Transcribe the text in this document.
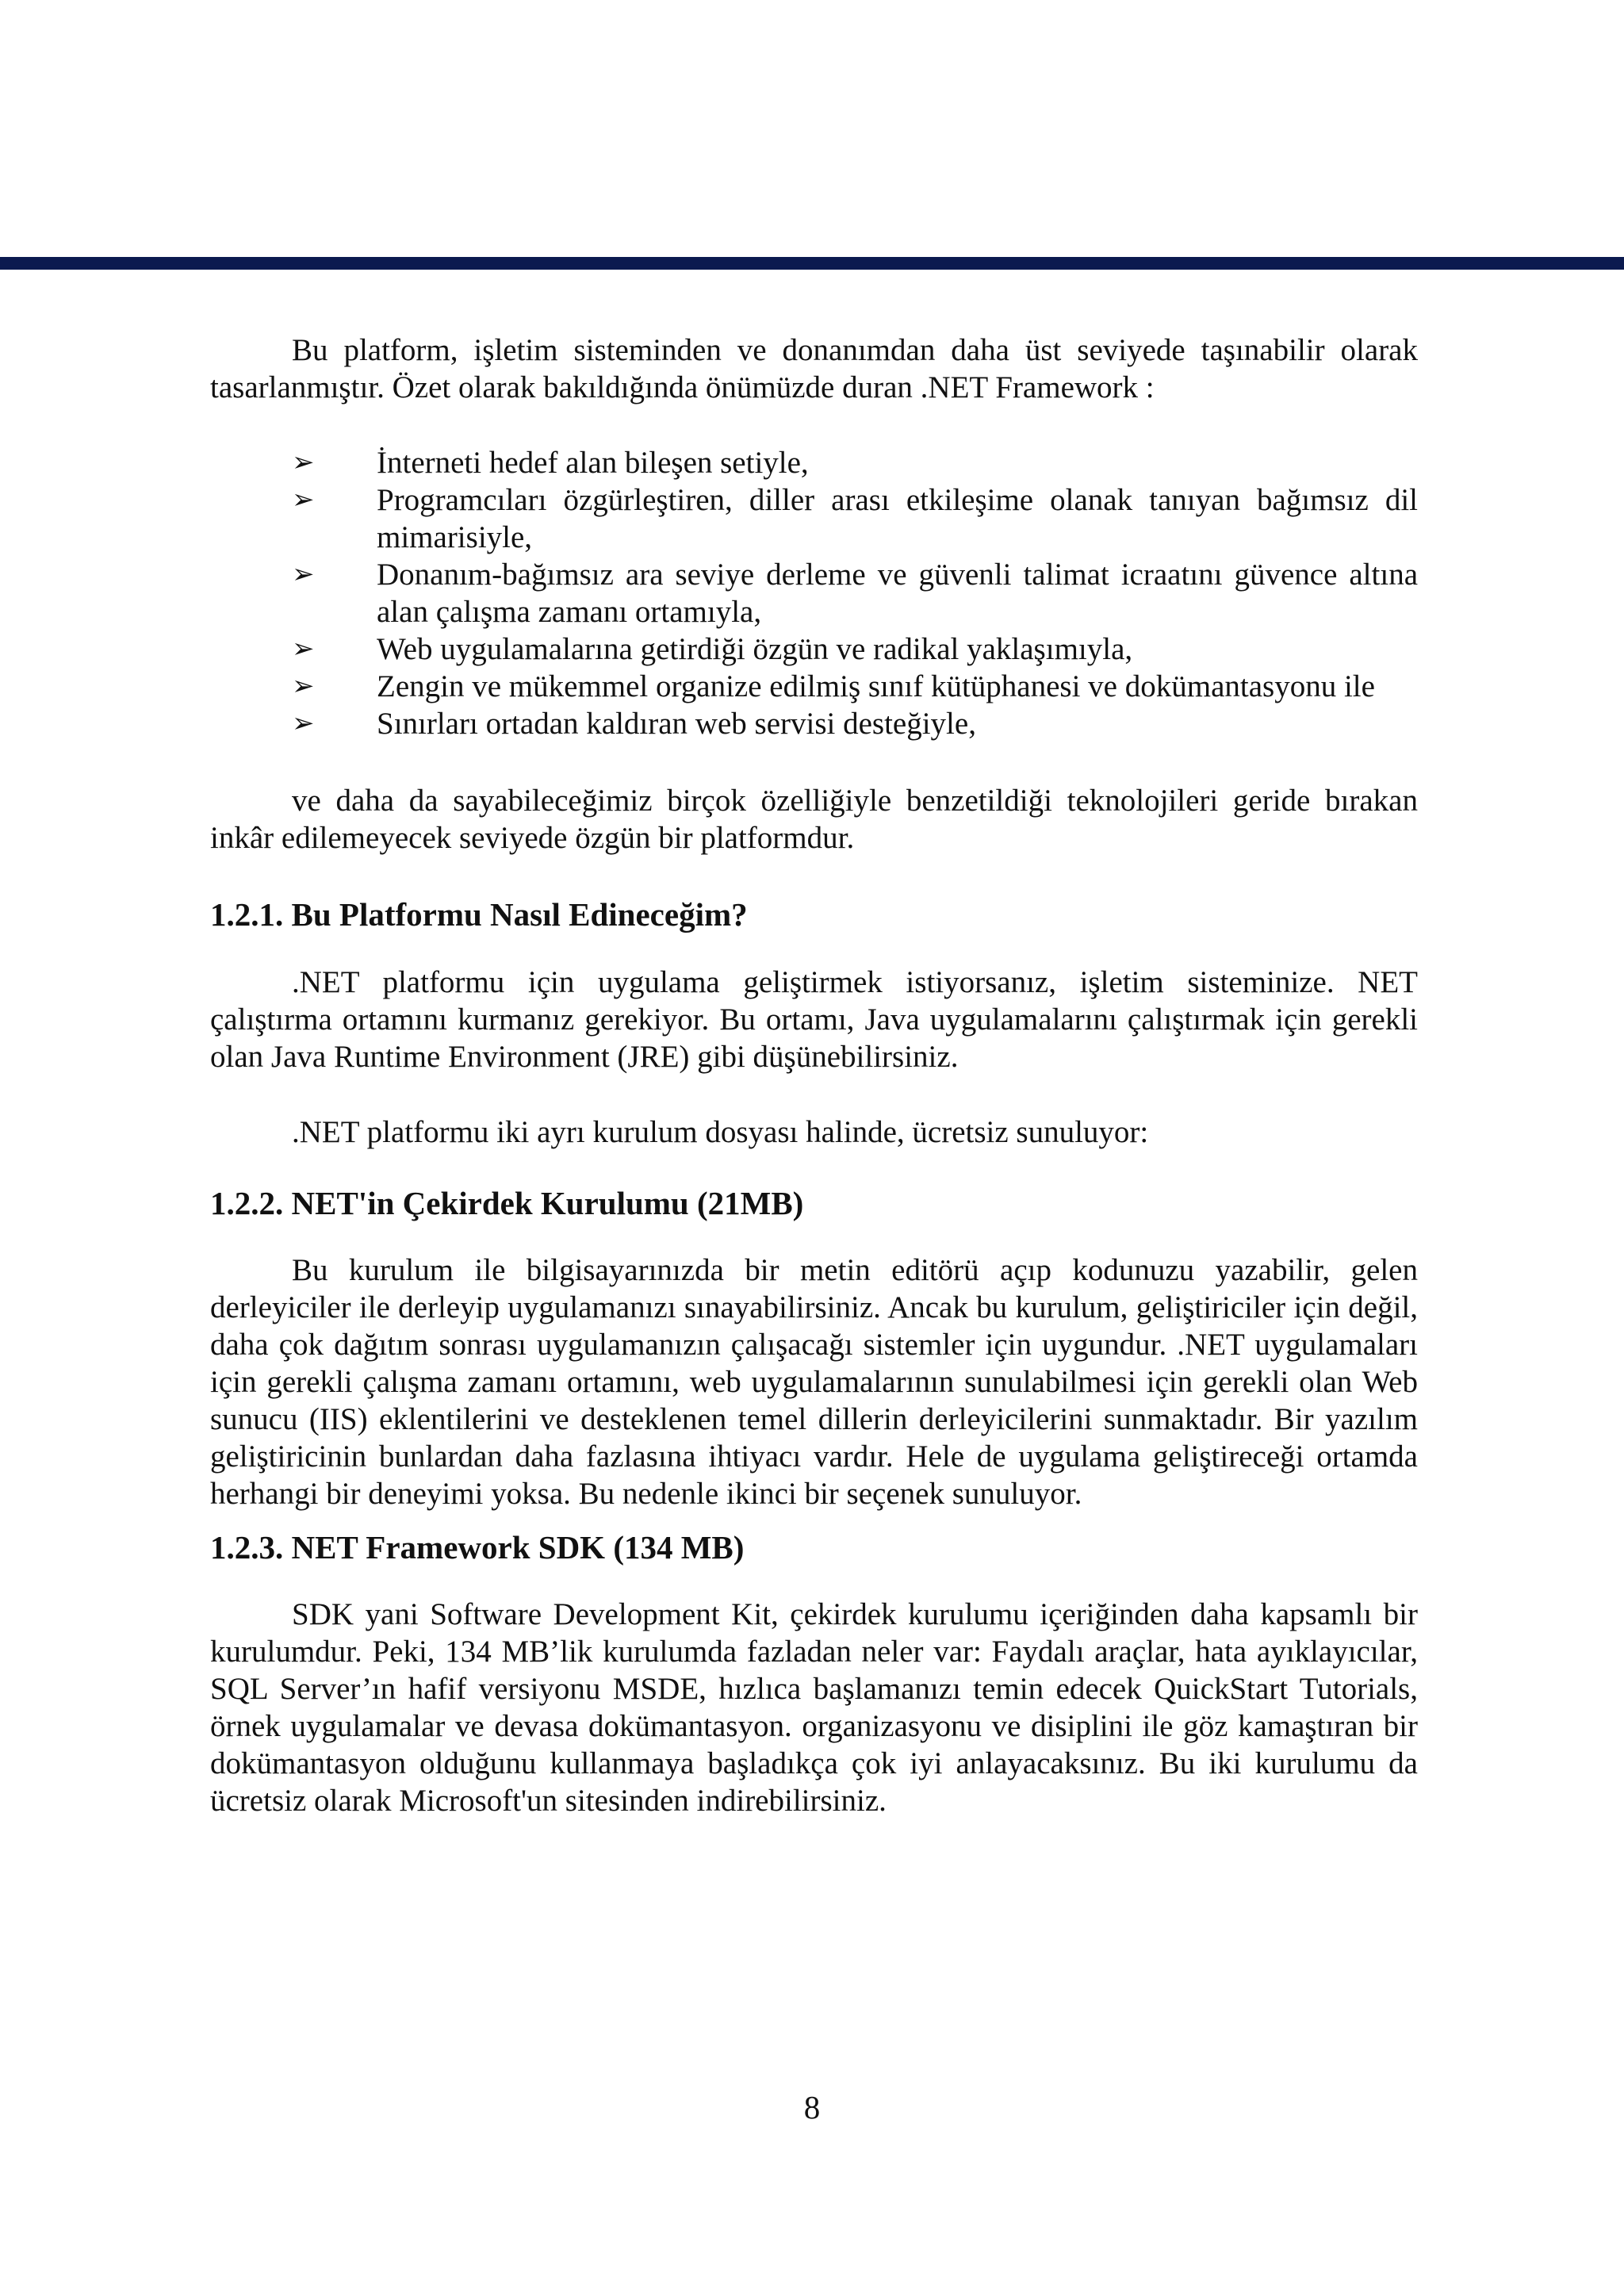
Bu platform, işletim sisteminden ve donanımdan daha üst seviyede taşınabilir olarak tasarlanmıştır. Özet olarak bakıldığında önümüzde duran .NET Framework :

➢ İnterneti hedef alan bileşen setiyle,
➢ Programcıları özgürleştiren, diller arası etkileşime olanak tanıyan bağımsız dil mimarisiyle,
➢ Donanım-bağımsız ara seviye derleme ve güvenli talimat icraatını güvence altına alan çalışma zamanı ortamıyla,
➢ Web uygulamalarına getirdiği özgün ve radikal yaklaşımıyla,
➢ Zengin ve mükemmel organize edilmiş sınıf kütüphanesi ve dokümantasyonu ile
➢ Sınırları ortadan kaldıran web servisi desteğiyle,

ve daha da sayabileceğimiz birçok özelliğiyle benzetildiği teknolojileri geride bırakan inkâr edilemeyecek seviyede özgün bir platformdur.

1.2.1. Bu Platformu Nasıl Edineceğim?

.NET platformu için uygulama geliştirmek istiyorsanız, işletim sisteminize. NET çalıştırma ortamını kurmanız gerekiyor. Bu ortamı, Java uygulamalarını çalıştırmak için gerekli olan Java Runtime Environment (JRE) gibi düşünebilirsiniz.

.NET platformu iki ayrı kurulum dosyası halinde, ücretsiz sunuluyor:

1.2.2. NET'in Çekirdek Kurulumu (21MB)

Bu kurulum ile bilgisayarınızda bir metin editörü açıp kodunuzu yazabilir, gelen derleyiciler ile derleyip uygulamanızı sınayabilirsiniz. Ancak bu kurulum, geliştiriciler için değil, daha çok dağıtım sonrası uygulamanızın çalışacağı sistemler için uygundur. .NET uygulamaları için gerekli çalışma zamanı ortamını, web uygulamalarının sunulabilmesi için gerekli olan Web sunucu (IIS) eklentilerini ve desteklenen temel dillerin derleyicilerini sunmaktadır. Bir yazılım geliştiricinin bunlardan daha fazlasına ihtiyacı vardır. Hele de uygulama geliştireceği ortamda herhangi bir deneyimi yoksa. Bu nedenle ikinci bir seçenek sunuluyor.

1.2.3. NET Framework SDK (134 MB)

SDK yani Software Development Kit, çekirdek kurulumu içeriğinden daha kapsamlı bir kurulumdur. Peki, 134 MB’lik kurulumda fazladan neler var: Faydalı araçlar, hata ayıklayıcılar, SQL Server’ın hafif versiyonu MSDE, hızlıca başlamanızı temin edecek QuickStart Tutorials, örnek uygulamalar ve devasa dokümantasyon. organizasyonu ve disiplini ile göz kamaştıran bir dokümantasyon olduğunu kullanmaya başladıkça çok iyi anlayacaksınız. Bu iki kurulumu da ücretsiz olarak Microsoft'un sitesinden indirebilirsiniz.

8
